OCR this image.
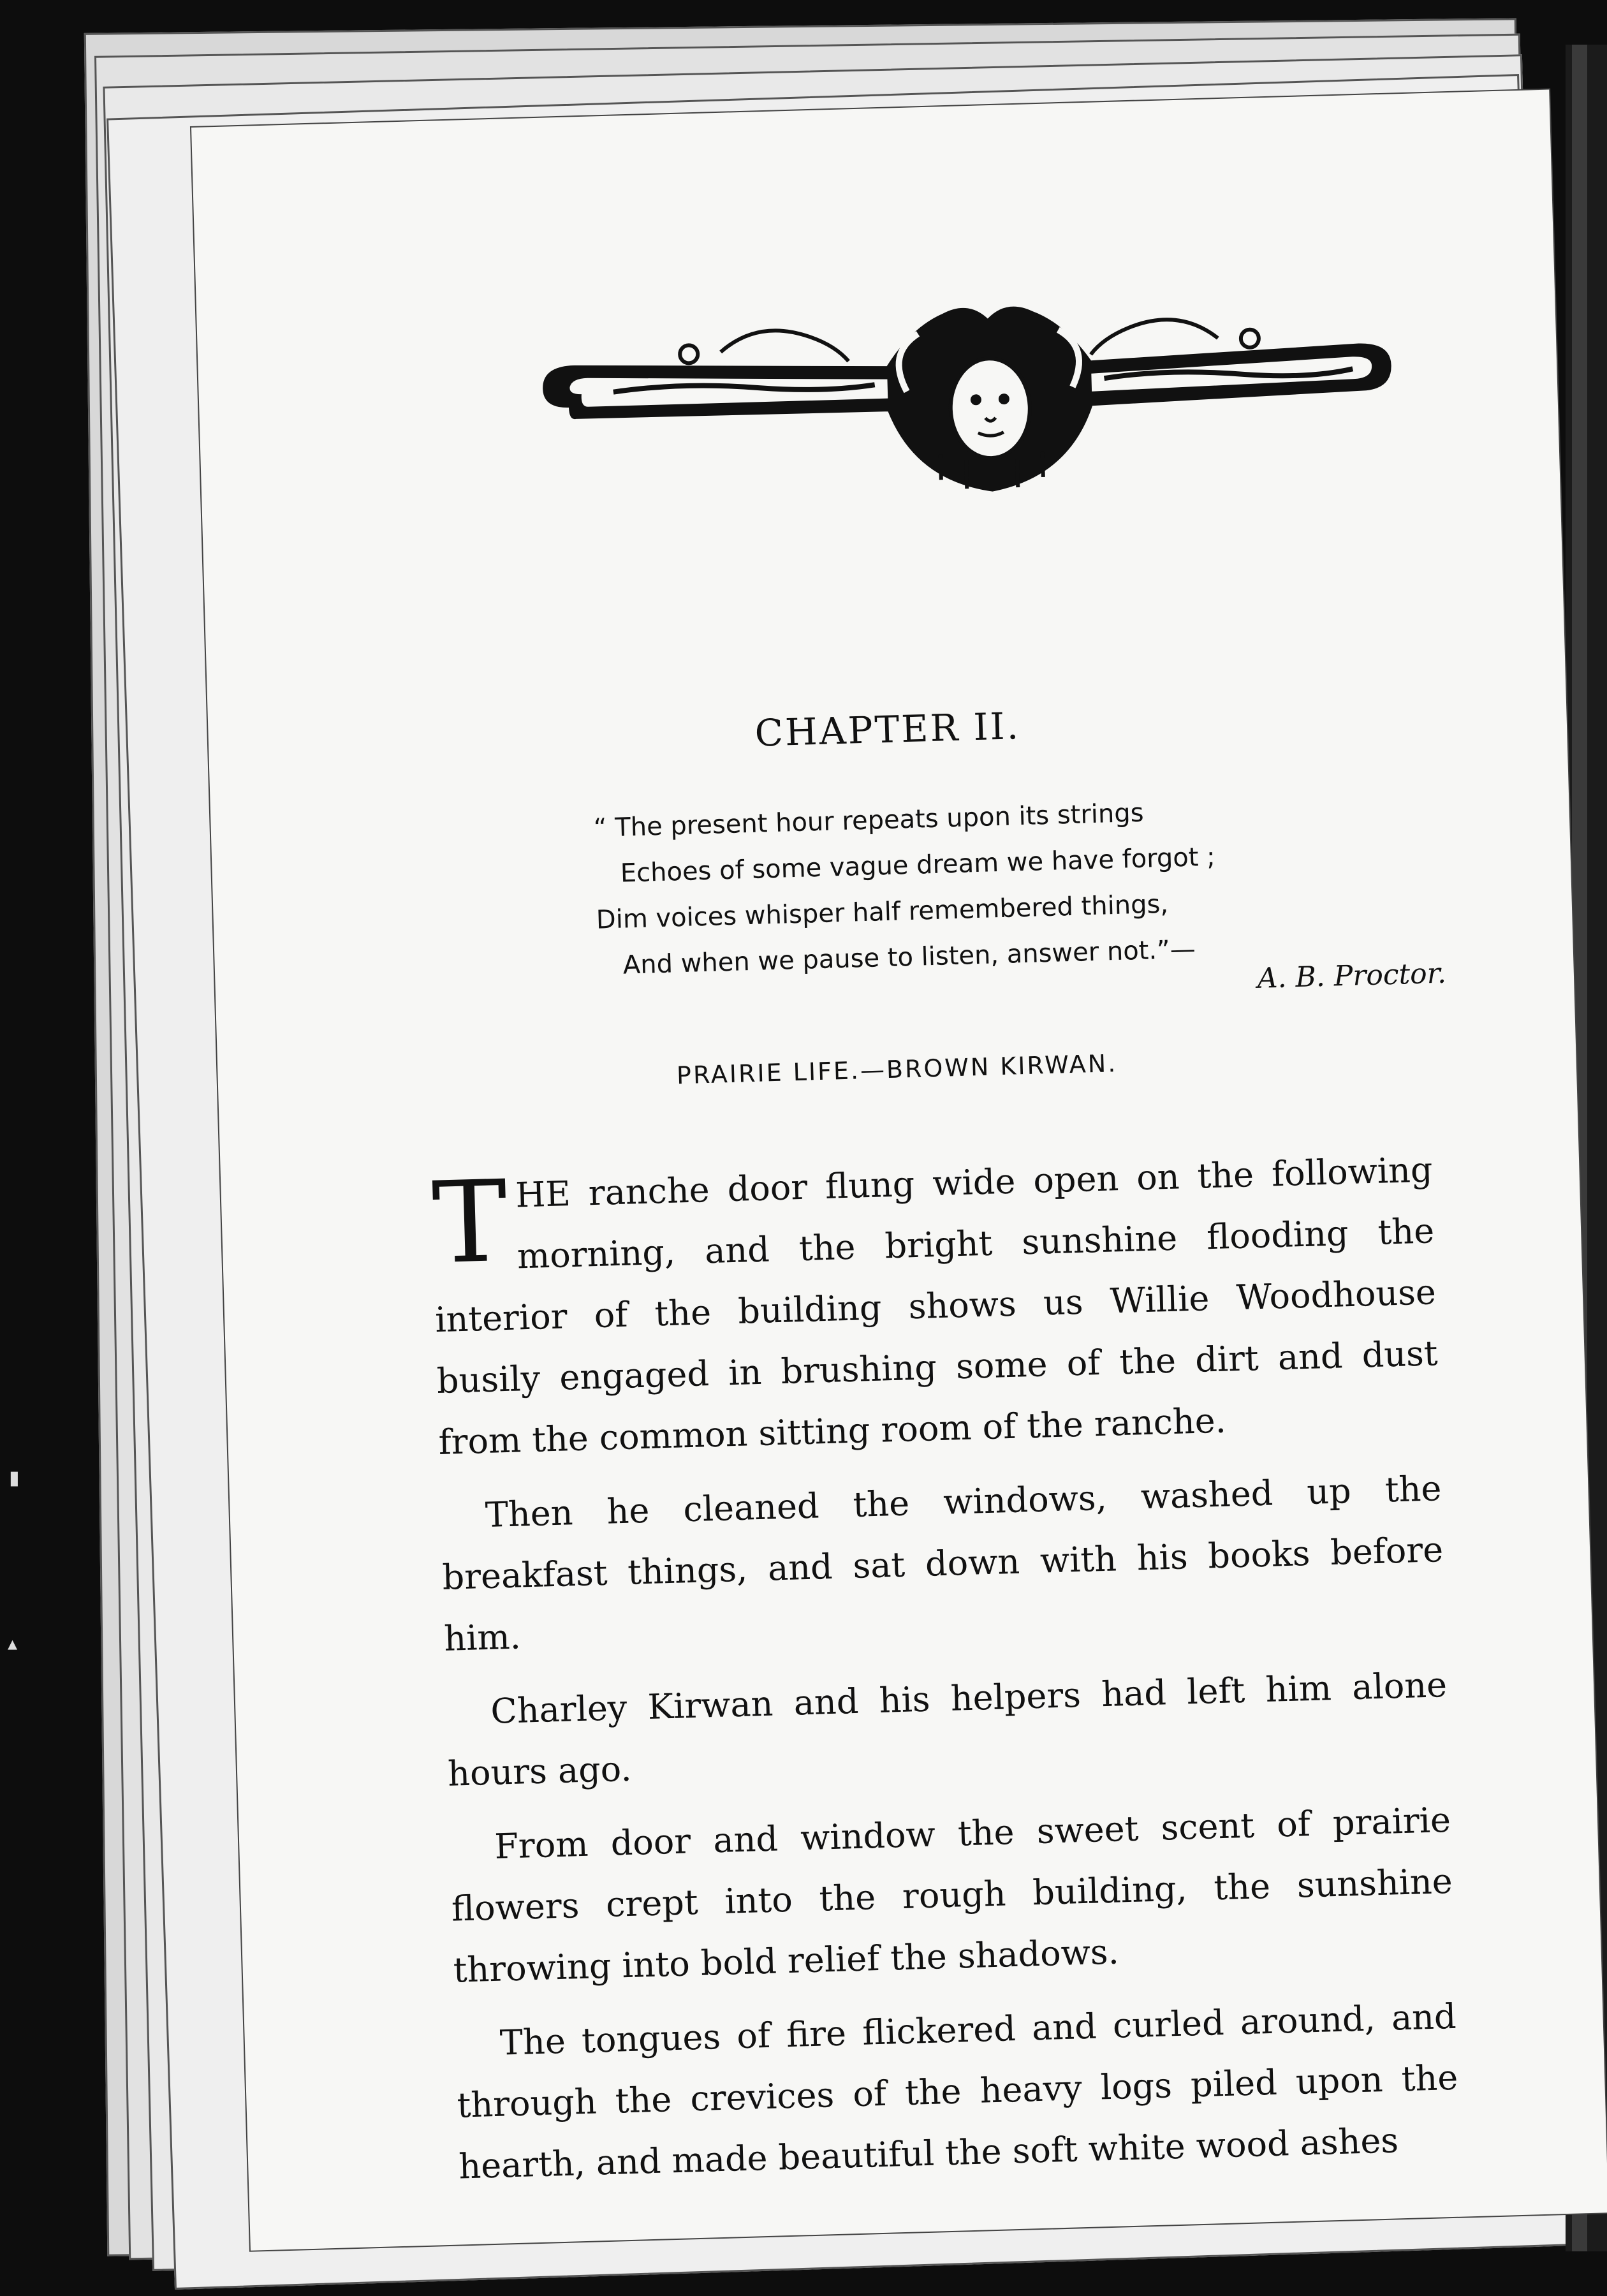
▮
▴
CHAPTER II.
“ The present hour repeats upon its strings
Echoes of some vague dream we have forgot ;
Dim voices whisper half remembered things,
And when we pause to listen, answer not.”—	A. B. Proctor.
PRAIRIE LIFE.—BROWN KIRWAN.

THE ranche door flung wide open on the following morning, and the bright sunshine flooding the interior of the building shows us Willie Woodhouse busily engaged in brushing some of the dirt and dust from the common sitting room of the ranche.

Then he cleaned the windows, washed up the breakfast things, and sat down with his books before him.

Charley Kirwan and his helpers had left him alone hours ago.

From door and window the sweet scent of prairie flowers crept into the rough building, the sunshine throwing into bold relief the shadows.

The tongues of fire flickered and curled around, and through the crevices of the heavy logs piled upon the hearth, and made beautiful the soft white wood ashes
